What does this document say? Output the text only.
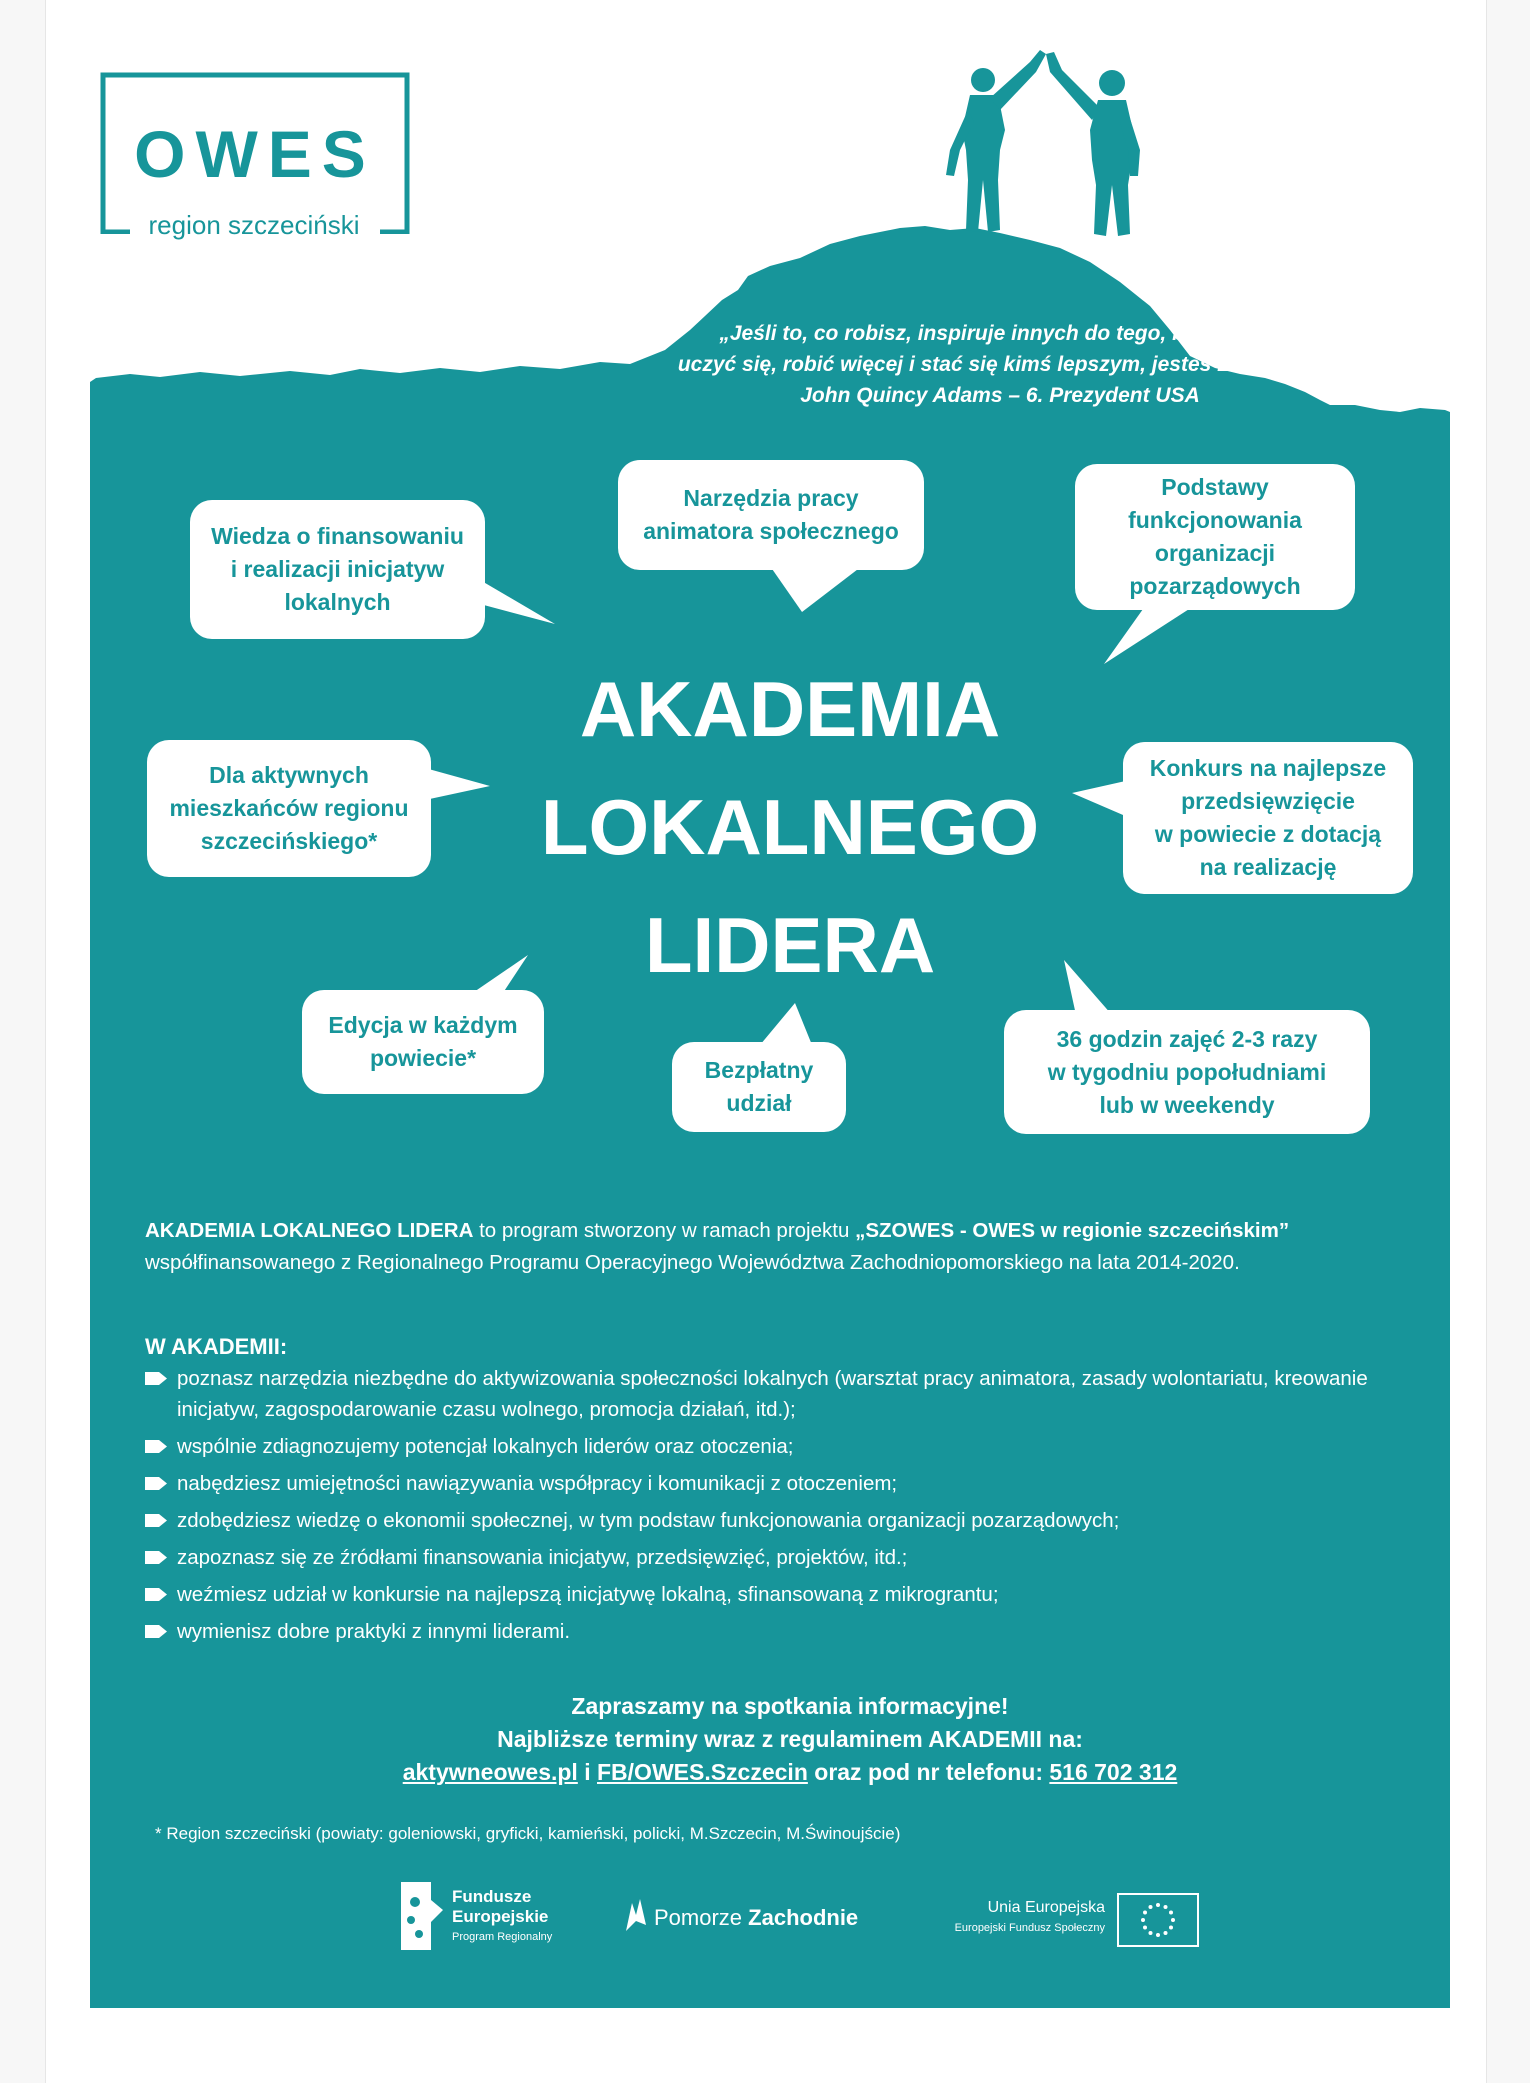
OWES
region szczeciński
„Jeśli to, co robisz, inspiruje innych do tego, by marzyć,
uczyć się, robić więcej i stać się kimś lepszym, jesteś LIDEREM”
John Quincy Adams – 6. Prezydent USA
Wiedza o finansowaniu
i realizacji inicjatyw
lokalnych
Narzędzia pracy
animatora społecznego
Podstawy
funkcjonowania
organizacji
pozarządowych
Dla aktywnych
mieszkańców regionu
szczecińskiego*
Konkurs na najlepsze
przedsięwzięcie
w powiecie z dotacją
na realizację
Edycja w każdym
powiecie*	Bezpłatny
udział
36 godzin zajęć 2-3 razy
w tygodniu popołudniami
lub w weekendy
AKADEMIA
LOKALNEGO
LIDERA
AKADEMIA LOKALNEGO LIDERA to program stworzony w ramach projektu „SZOWES - OWES w regionie szczecińskim”
współfinansowanego z Regionalnego Programu Operacyjnego Województwa Zachodniopomorskiego na lata 2014-2020.
W AKADEMII:
poznasz narzędzia niezbędne do aktywizowania społeczności lokalnych (warsztat pracy animatora, zasady wolontariatu, kreowanie inicjatyw, zagospodarowanie czasu wolnego, promocja działań, itd.);
wspólnie zdiagnozujemy potencjał lokalnych liderów oraz otoczenia;
nabędziesz umiejętności nawiązywania współpracy i komunikacji z otoczeniem;
zdobędziesz wiedzę o ekonomii społecznej, w tym podstaw funkcjonowania organizacji pozarządowych;
zapoznasz się ze źródłami finansowania inicjatyw, przedsięwzięć, projektów, itd.;
weźmiesz udział w konkursie na najlepszą inicjatywę lokalną, sfinansowaną z mikrograntu;
wymienisz dobre praktyki z innymi liderami.
Zapraszamy na spotkania informacyjne!
Najbliższe terminy wraz z regulaminem AKADEMII na:
aktywneowes.pl i FB/OWES.Szczecin oraz pod nr telefonu: 516 702 312
* Region szczeciński (powiaty: goleniowski, gryficki, kamieński, policki, M.Szczecin, M.Świnoujście)
Fundusze
Europejskie
Program Regionalny
Pomorze Zachodnie	Unia Europejska
Europejski Fundusz Społeczny
